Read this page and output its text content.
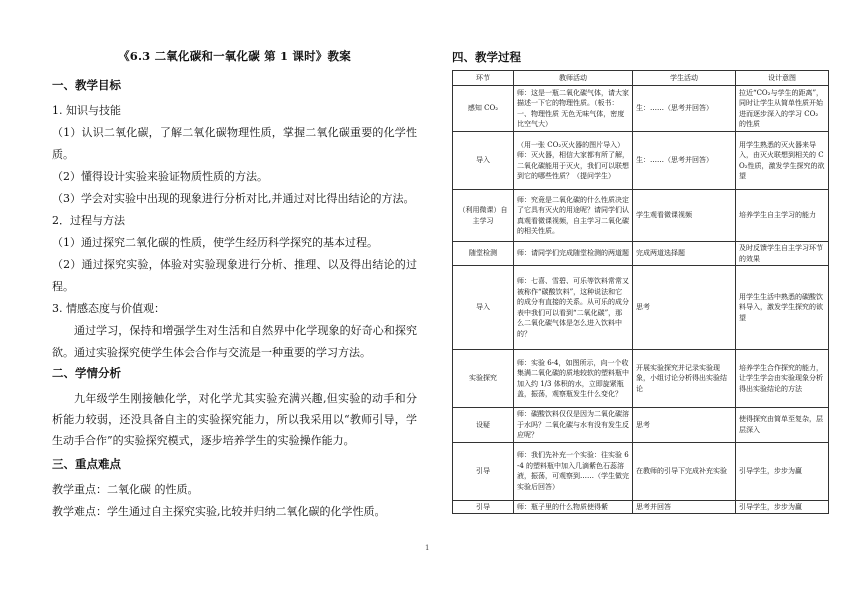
《6.3 二氧化碳和一氧化碳 第 1 课时》教案
一、教学目标

1. 知识与技能

（1）认识二氧化碳，了解二氧化碳物理性质，掌握二氧化碳重要的化学性质。

（2）懂得设计实验来验证物质性质的方法。

（3）学会对实验中出现的现象进行分析对比,并通过对比得出结论的方法。

2．过程与方法

（1）通过探究二氧化碳的性质，使学生经历科学探究的基本过程。

（2）通过探究实验，体验对实验现象进行分析、推理、以及得出结论的过程。

3. 情感态度与价值观：

通过学习，保持和增强学生对生活和自然界中化学现象的好奇心和探究欲。通过实验探究使学生体会合作与交流是一种重要的学习方法。

二、学情分析

九年级学生刚接触化学，对化学尤其实验充满兴趣,但实验的动手和分析能力较弱，还没具备自主的实验探究能力，所以我采用以“教师引导，学生动手合作”的实验探究模式，逐步培养学生的实验操作能力。

三、重点难点

教学重点：二氧化碳 的性质。

教学难点：学生通过自主探究实验,比较并归纳二氧化碳的化学性质。

四、教学过程
环节	教师活动	学生活动	设计意图
感知 CO₂	师：这是一瓶二氧化碳气体，请大家描述一下它的物理性质。（板书：一、物理性质 无色无味气体，密度比空气大）	生：……（思考并回答）	拉近“CO₂与学生的距离”，同时让学生从简单性质开始进而逐步深入的学习 CO₂的性质
导入	（用一张 CO₂灭火器的图片导入）师：灭火器，相信大家都有所了解，二氧化碳能用于灭火，我们可以联想到它的哪些性质？（提问学生）	生：……（思考并回答）	用学生熟悉的灭火器来导入，由灭火联想到相关的 CO₂性质，激发学生探究的欲望
（利用微课）自主学习	师：究竟是二氧化碳的什么性质决定了它具有灭火的用途呢？请同学们认真观看微课视频，自主学习二氧化碳的相关性质。	学生观看微课视频	培养学生自主学习的能力
随堂检测	师：请同学们完成随堂检测的两道题	完成两道选择题	及时反馈学生自主学习环节的效果
导入	师：七喜、雪碧、可乐等饮料常常又被称作“碳酸饮料”，这种说法和它的成分有直接的关系。从可乐的成分表中我们可以看到“二氧化碳”，那么二氧化碳气体是怎么进入饮料中的？	思考	用学生生活中熟悉的碳酸饮料导入，激发学生探究的欲望
实验探究	师：实验 6-4，如图所示，向一个收集满二氧化碳的质地较软的塑料瓶中加入约 1/3 体积的水，立即旋紧瓶盖，振荡，观察瓶发生什么变化？	开展实验探究并记录实验现象，小组讨论分析得出实验结论	培养学生合作探究的能力，让学生学会由实验现象分析得出实验结论的方法
设疑	师：碳酸饮料仅仅是因为二氧化碳溶于水吗？二氧化碳与水有没有发生反应呢？	思考	使得探究由简单至复杂，层层深入
引导	师：我们先补充一个实验：往实验 6-4 的塑料瓶中加入几滴紫色石蕊溶液，振荡，可观察到……（学生做完实验后回答）	在教师的引导下完成补充实验	引导学生，步步为赢
引导	师：瓶子里的什么物质使得紫	思考并回答	引导学生，步步为赢
1
